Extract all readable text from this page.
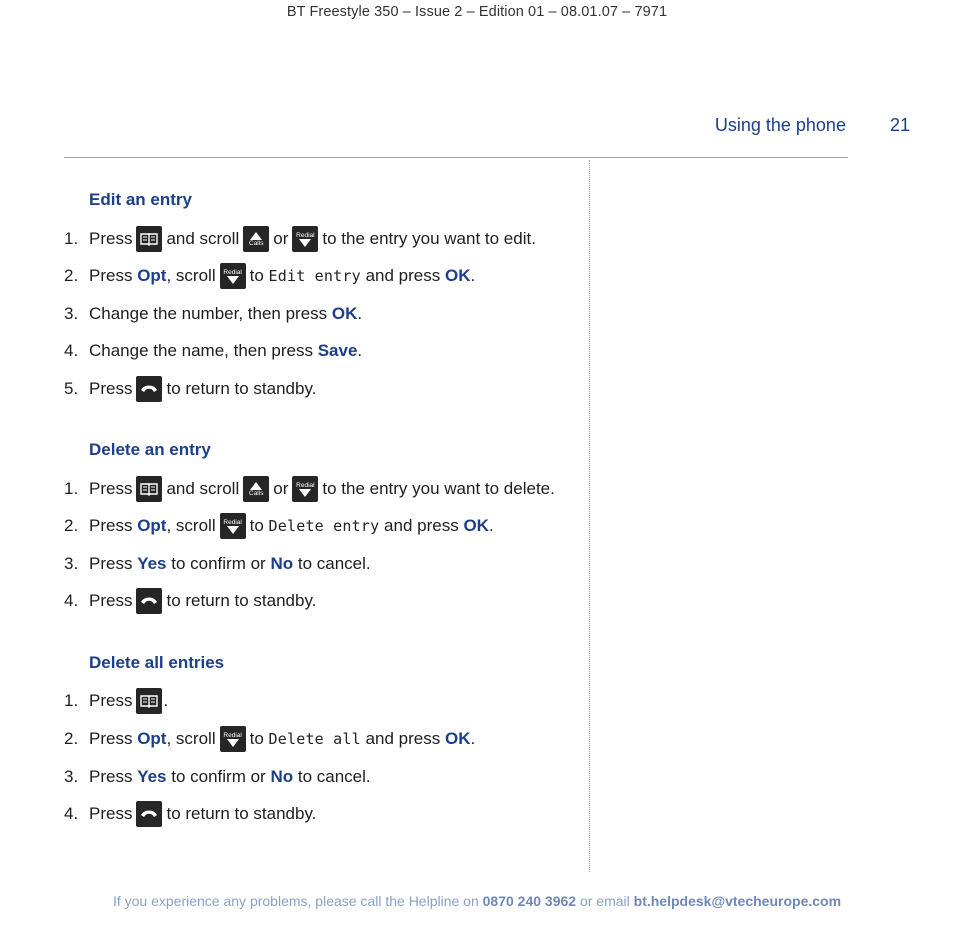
BT Freestyle 350 – Issue 2 – Edition 01 – 08.01.07 – 7971
Using the phone 21
Edit an entry
1. Press and scroll Calls or Redial to the entry you want to edit.
2. Press
Opt , scroll Redial to
Edit entry
and press
OK .
3. Change the number, then press
OK .
4. Change the name, then press
Save .
5. Press to return to standby.
Delete an entry
1. Press and scroll Calls or Redial to the entry you want to delete.
2. Press
Opt , scroll Redial to
Delete entry
and press
OK .
3. Press
Yes
to confirm or
No
to cancel.
4. Press to return to standby.
Delete all entries
1. Press .
2. Press
Opt , scroll Redial to
Delete all
and press
OK .
3. Press
Yes
to confirm or
No
to cancel.
4. Press to return to standby.
If you experience any problems, please call the Helpline on 0870 240 3962 or email bt.helpdesk@vtecheurope.com
